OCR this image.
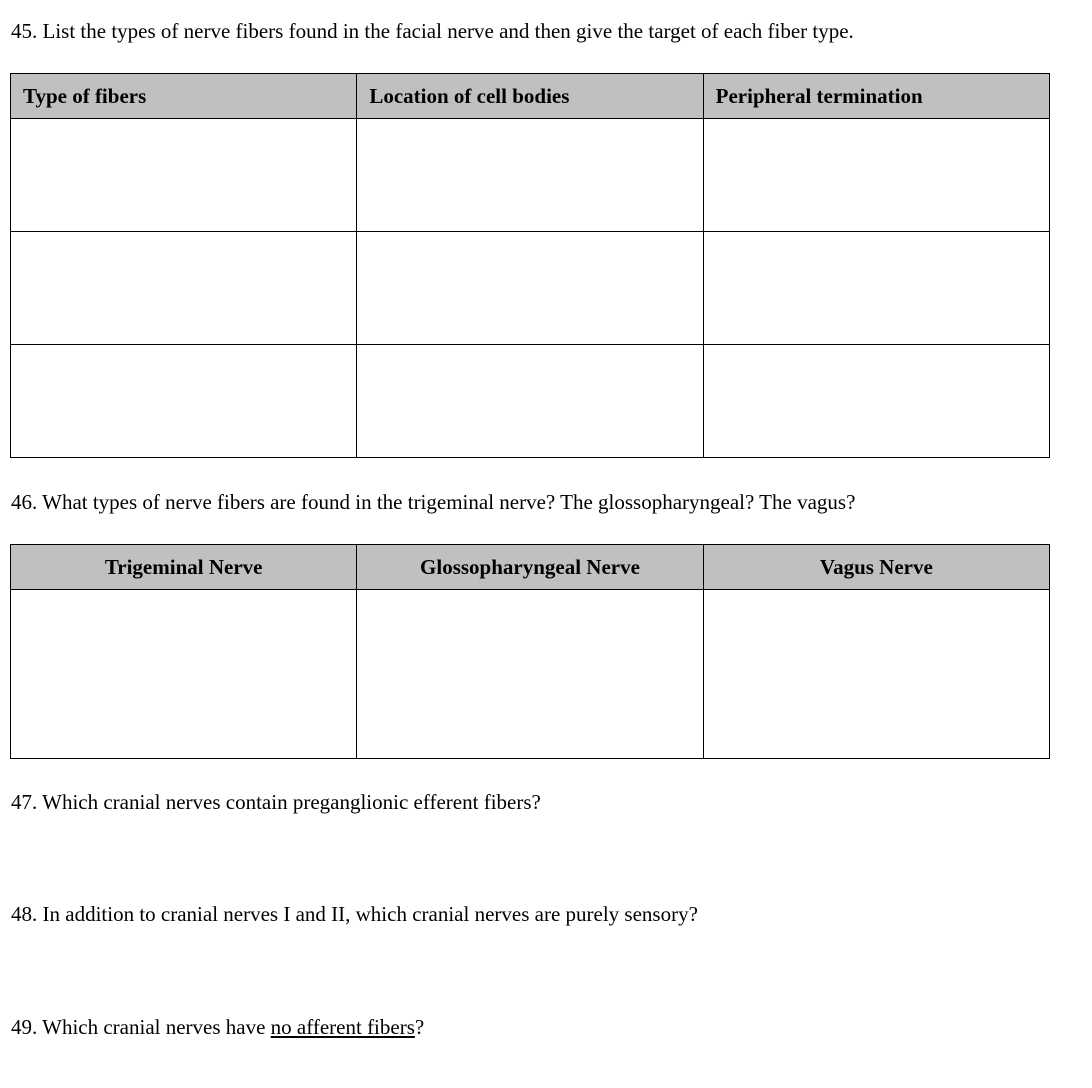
45. List the types of nerve fibers found in the facial nerve and then give the target of each fiber type.
Type of fibers	Location of cell bodies	Peripheral termination

46. What types of nerve fibers are found in the trigeminal nerve? The glossopharyngeal? The vagus?
Trigeminal Nerve	Glossopharyngeal Nerve	Vagus Nerve

47. Which cranial nerves contain preganglionic efferent fibers?
48. In addition to cranial nerves I and II, which cranial nerves are purely sensory?
49. Which cranial nerves have no afferent fibers?
